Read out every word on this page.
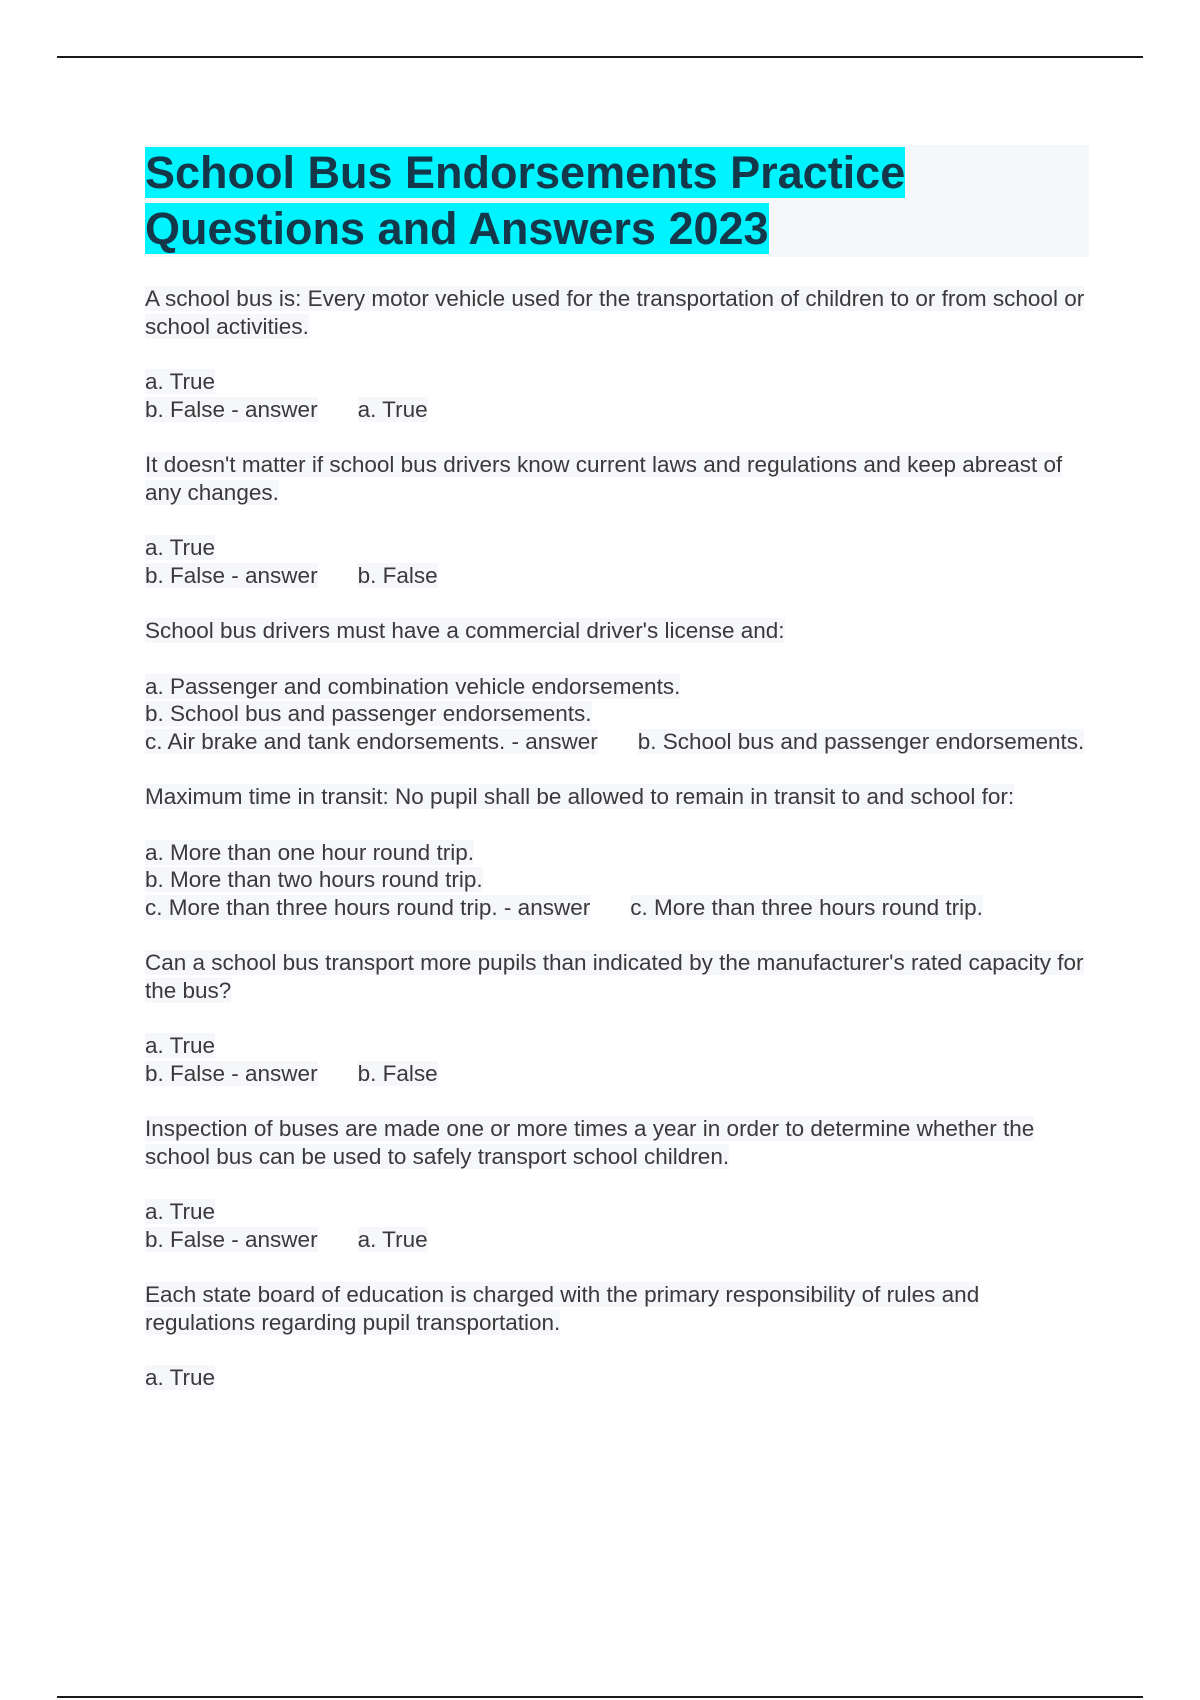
School Bus Endorsements Practice
Questions and Answers 2023
A school bus is: Every motor vehicle used for the transportation of children to or from school or school activities.
a. True
b. False - answer a. True
It doesn't matter if school bus drivers know current laws and regulations and keep abreast of any changes.
a. True
b. False - answer b. False
School bus drivers must have a commercial driver's license and:
a. Passenger and combination vehicle endorsements.
b. School bus and passenger endorsements.
c. Air brake and tank endorsements. - answer b. School bus and passenger endorsements.
Maximum time in transit: No pupil shall be allowed to remain in transit to and school for:
a. More than one hour round trip.
b. More than two hours round trip.
c. More than three hours round trip. - answer c. More than three hours round trip.
Can a school bus transport more pupils than indicated by the manufacturer's rated capacity for the bus?
a. True
b. False - answer b. False
Inspection of buses are made one or more times a year in order to determine whether the school bus can be used to safely transport school children.
a. True
b. False - answer a. True
Each state board of education is charged with the primary responsibility of rules and regulations regarding pupil transportation.
a. True
